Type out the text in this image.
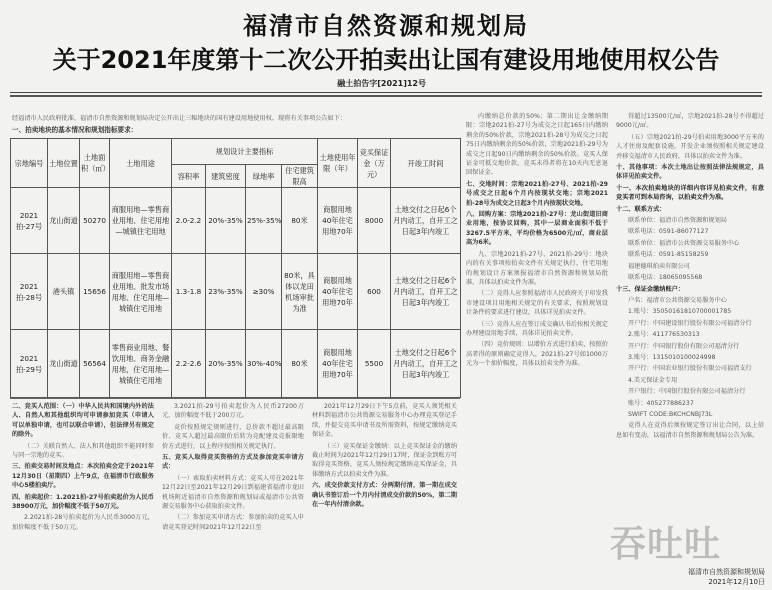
福清市自然资源和规划局
关于2021年度第十二次公开拍卖出让国有建设用地使用权公告
融土拍告字[2021]12号
经福清市人民政府批准，福清市自然资源和规划局决定公开出让三幅地块的国有建设用地使用权。现将有关事项公告如下：
一、拍卖地块的基本情况和规划指标要求：
宗地编号	土地位置	土地面积（㎡）	土地用途	规划设计主要指标				土地使用年限（年）	竞买保证金（万元）	开竣工时间
				容积率	建筑密度	绿地率	住宅建筑限高			
2021拍-27号	龙山街道	50270	商服用地—零售商业用地、住宅用地—城镇住宅用地	2.0-2.2	20%-35%	25%-35%	80米	商服用地40年住宅用地70年	8000	土地交付之日起6个月内动工，自开工之日起3年内竣工
2021拍-28号	港头镇	15656	商服用地—零售商业用地、批发市场用地、住宅用地—城镇住宅用地	1.3-1.8	23%-35%	≥30%	80米，具体以龙田机场审批为准	商服用地40年住宅用地70年	600	土地交付之日起6个月内动工，自开工之日起3年内竣工
2021拍-29号	龙山街道	56564	零售商业用地、餐饮用地、商务金融用地，住宅用地—城镇住宅用地	2.2-2.6	20%-35%	30%-40%	80米	商服用地40年住宅用地70年	5500	土地交付之日起6个月内动工，自开工之日起3年内竣工

二、竞买人范围：（一）中华人民共和国境内外的法人、自然人和其他组织均可申请参加竞买（申请人可以单独申请，也可以联合申请），但法律另有规定的除外。

（二）关联自然人、法人和其他组织不能同时参与同一宗地的竞买。

三、拍卖交易时间及地点：本次拍卖会定于2021年12月30日（星期四）上午9点，在福清市行政服务中心5楼拍卖厅。

四、拍卖起价：1.2021拍-27号拍卖起价为人民币38900万元，加价幅度不低于50万元。

2.2021拍-28号拍卖起价为人民币3000万元，加价幅度不低于50万元。

3.2021拍-29号拍卖起价为人民币27200万元，加价幅度不低于200万元。

竞价按照规定规则进行，总价款不超过最高限价、竞买人超过最高限价后转为竞配建及竞报限地价方式进行，以上程序按照相关规定执行。

五、竞买人取得竞买资格的方式及参加竞买申请方式：

（一）索取拍卖材料方式：竞买人可在2021年12月22日至2021年12月29日到福建省福清市龙田机场附近福清市自然资源和规划局或福清市公共资源交易服务中心获取拍卖文件。

（二）参加竞买申请方式：参加拍卖的竞买人申请竞买登记时间2021年12月22日至

2021年12月29日下午5点前，竞买人须凭相关材料到福清市公共资源交易服务中心办理竞买登记手续，并提交竞买申请书及所需资料，按规定缴纳竞买保证金。

（三）竞买保证金缴纳：以上竞买保证金的缴纳截止时间为2021年12月29日17时，保证金到账方可取得竞买资格，竞买人须按规定缴纳竞买保证金，具体缴纳方式以拍卖文件为准。

六、成交价款支付方式：分两期付清，第一期在成交确认书签订后一个月内付清成交价款的50%，第二期在一年内付清余款。

内缴纳总价款的50%；第二期出让金缴纳期限：宗地2021拍-27号为成交之日起165日内缴纳剩余的50%价款，宗地2021拍-28号为成交之日起75日内缴纳剩余的50%价款，宗地2021拍-29号为成交之日起90日内缴纳剩余的50%价款。竞买人保证金可抵交地价款，竞买未得者将在10天内无息退回保证金。

七、交地时间：宗地2021拍-27号、2021拍-29号成交之日起6个月内按现状交地；宗地2021拍-28号为成交之日起3个月内按现状交地。

八、回购方案：宗地2021拍-27号：龙山街道旧商业用地，按协议回购，其中一层商业面积不低于3267.5平方米，平均价格为6500元/㎡，商业层高为6米。

九、宗地2021拍-27号、2021拍-29号：地块内的有关事项按拍卖文件有关规定执行，住宅用地的规划设计方案须报福清市自然资源和规划局批准，具体以拍卖文件为准。

（二）竞得人应参照福清市人民政府关于印发我市建设项目用地相关规定的有关要求，按照规划设计条件的要求进行建设，具体详见拍卖文件。

（三）竞得人应在签订成交确认书后按相关规定办理建设用地手续，具体详见拍卖文件。

（四）竞价规则：以增价方式进行拍卖，按照价高者得的原则确定竞得人，2021拍-27号如1000万元为一个加价幅度，具体以拍卖文件为准。

得超过13500元/㎡，宗地2021拍-28号不得超过9000元/㎡。

（五）宗地2021拍-29号拍卖用地3000平方米的人才住房及配套设施，开发企业须按照相关规定建设并移交福清市人民政府，具体以拍卖文件为准。

十、其他事项：本次土地出让按照法律法规规定，具体详见拍卖文件。

十一、本次拍卖地块的详细内容详见拍卖文件，有意竞买者可到本局咨询，以拍卖文件为准。

十二、联系方式：

联系单位：福清市自然资源和规划局

联系电话：0591-86077127

联系单位：福清市公共资源交易服务中心

联系电话：0591-85158259

福建德琪拍卖有限公司

联系电话：18065095568

十三、保证金缴纳账户：

户名：福清市公共资源交易服务中心

1.账号：35050161810700001785

开户行：中国建设银行股份有限公司福清分行

2.账号：411776530313

开户行：中国银行股份有限公司福清分行

3.账号：1315010100024998

开户行：中国农业银行股份有限公司福清支行

4.美元保证金专用

开户银行：中国银行股份有限公司福清分行

账号：405277886237

SWIFT CODE:BKCHCNBJ73L

竞得人在竞得后须按规定签订出让合同，以上信息如有变动，以福清市自然资源和规划局公告为准。

吞吐吐
福清市自然资源和规划局
2021年12月10日
